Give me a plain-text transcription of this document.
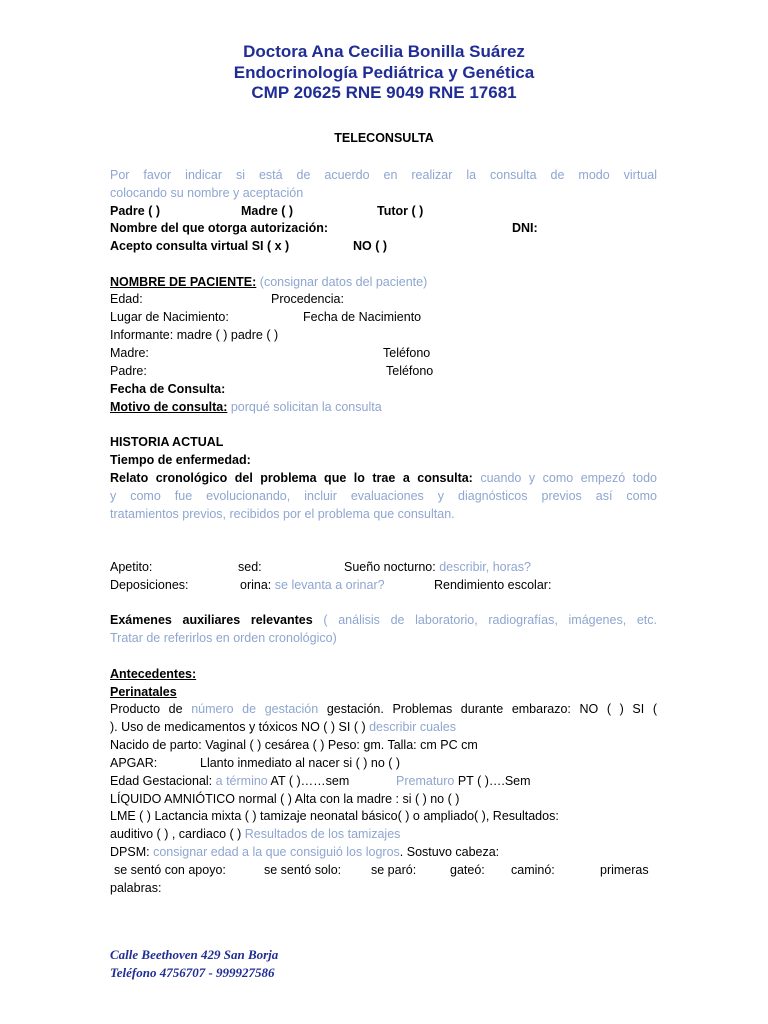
Doctora Ana Cecilia Bonilla Suárez
Endocrinología Pediátrica y Genética
CMP 20625 RNE 9049 RNE 17681
TELECONSULTA
Por favor indicar si está de acuerdo en realizar la consulta de modo virtual
colocando su nombre y aceptación
Padre ( )	Madre ( )	Tutor ( )
Nombre del que otorga autorización:	DNI:
Acepto consulta virtual SI ( x )	NO ( )
NOMBRE DE PACIENTE: (consignar datos del paciente)
Edad:	Procedencia:
Lugar de Nacimiento:	Fecha de Nacimiento
Informante: madre ( ) padre ( )
Madre:	Teléfono
Padre:	Teléfono
Fecha de Consulta:
Motivo de consulta: porqué solicitan la consulta
HISTORIA ACTUAL
Tiempo de enfermedad:
Relato cronológico del problema que lo trae a consulta: cuando y como empezó todo
y como fue evolucionando, incluir evaluaciones y diagnósticos previos así como
tratamientos previos, recibidos por el problema que consultan.
Apetito:	sed:	Sueño nocturno: describir, horas?
Deposiciones:	orina: se levanta a orinar?	Rendimiento escolar:
Exámenes auxiliares relevantes ( análisis de laboratorio, radiografías, imágenes, etc.
Tratar de referirlos en orden cronológico)
Antecedentes:
Perinatales
Producto de número de gestación gestación. Problemas durante embarazo: NO ( ) SI (
). Uso de medicamentos y tóxicos NO ( ) SI ( ) describir cuales
Nacido de parto: Vaginal ( ) cesárea ( ) Peso: gm. Talla: cm PC cm
APGAR:	Llanto inmediato al nacer si ( ) no ( )
Edad Gestacional: a término AT ( )……sem	Prematuro PT ( )….Sem
LÍQUIDO AMNIÓTICO normal ( ) Alta con la madre : si ( ) no ( )
LME ( ) Lactancia mixta ( ) tamizaje neonatal básico( ) o ampliado( ), Resultados:
auditivo ( ) , cardiaco ( ) Resultados de los tamizajes
DPSM: consignar edad a la que consiguió los logros. Sostuvo cabeza:
se sentó con apoyo:	se sentó solo: se paró:	gateó: caminó:	primeras
palabras:
Calle Beethoven 429 San Borja
Teléfono 4756707 - 999927586
